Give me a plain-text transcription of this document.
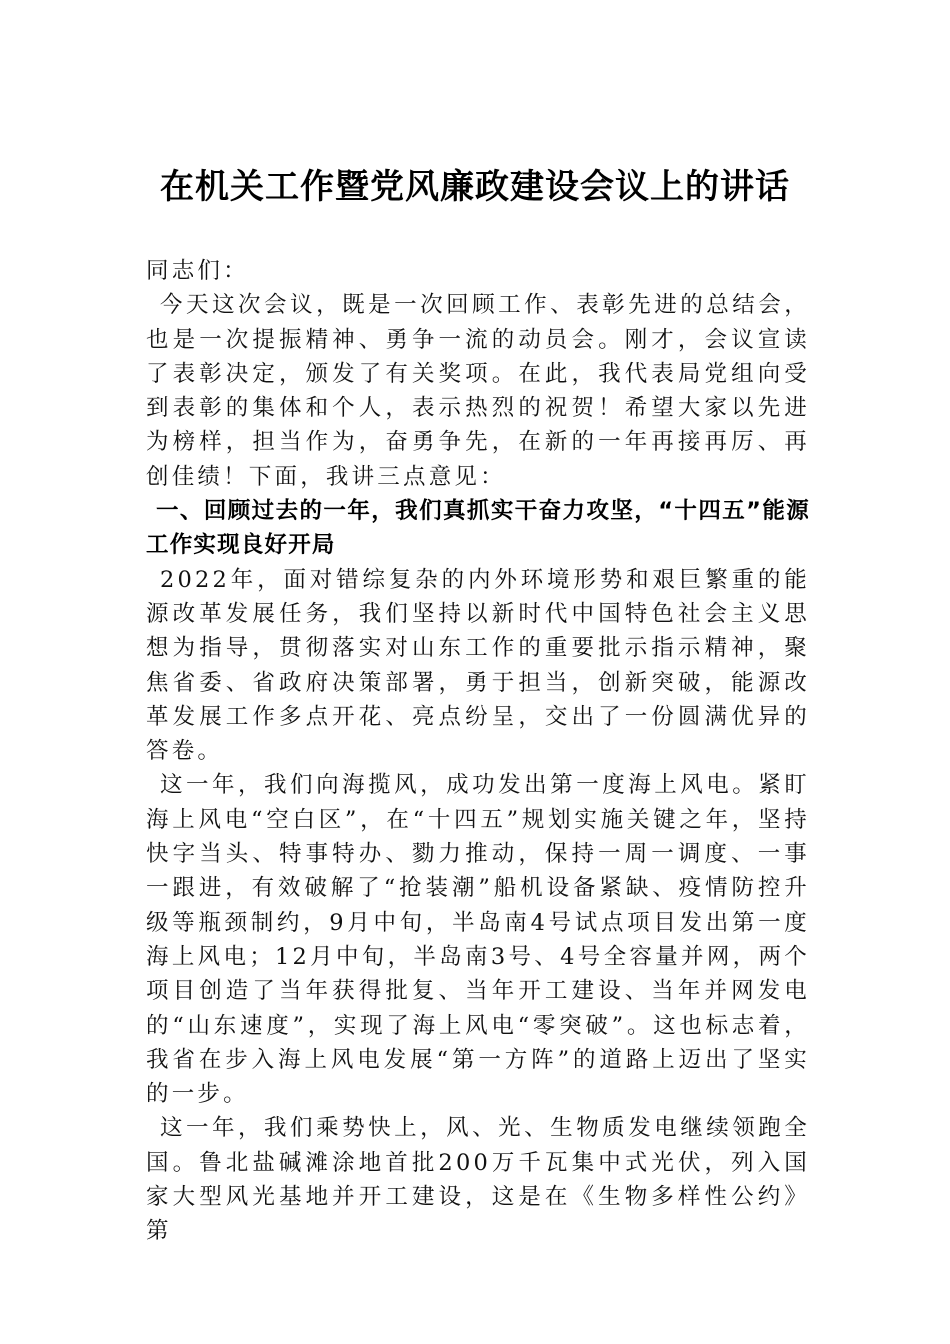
在机关工作暨党风廉政建设会议上的讲话

同志们：

今天这次会议，既是一次回顾工作、表彰先进的总结会，也是一次提振精神、勇争一流的动员会。刚才，会议宣读了表彰决定，颁发了有关奖项。在此，我代表局党组向受到表彰的集体和个人，表示热烈的祝贺！希望大家以先进为榜样，担当作为，奋勇争先，在新的一年再接再厉、再创佳绩！下面，我讲三点意见：

一、回顾过去的一年，我们真抓实干奋力攻坚，“十四五”能源工作实现良好开局

2022年，面对错综复杂的内外环境形势和艰巨繁重的能源改革发展任务，我们坚持以新时代中国特色社会主义思想为指导，贯彻落实对山东工作的重要批示指示精神，聚焦省委、省政府决策部署，勇于担当，创新突破，能源改革发展工作多点开花、亮点纷呈，交出了一份圆满优异的答卷。

这一年，我们向海揽风，成功发出第一度海上风电。紧盯海上风电“空白区”，在“十四五”规划实施关键之年，坚持快字当头、特事特办、勠力推动，保持一周一调度、一事一跟进，有效破解了“抢装潮”船机设备紧缺、疫情防控升级等瓶颈制约，9月中旬，半岛南4号试点项目发出第一度海上风电；12月中旬，半岛南3号、4号全容量并网，两个项目创造了当年获得批复、当年开工建设、当年并网发电的“山东速度”，实现了海上风电“零突破”。这也标志着，我省在步入海上风电发展“第一方阵”的道路上迈出了坚实的一步。

这一年，我们乘势快上，风、光、生物质发电继续领跑全国。鲁北盐碱滩涂地首批200万千瓦集中式光伏，列入国家大型风光基地并开工建设，这是在《生物多样性公约》第
